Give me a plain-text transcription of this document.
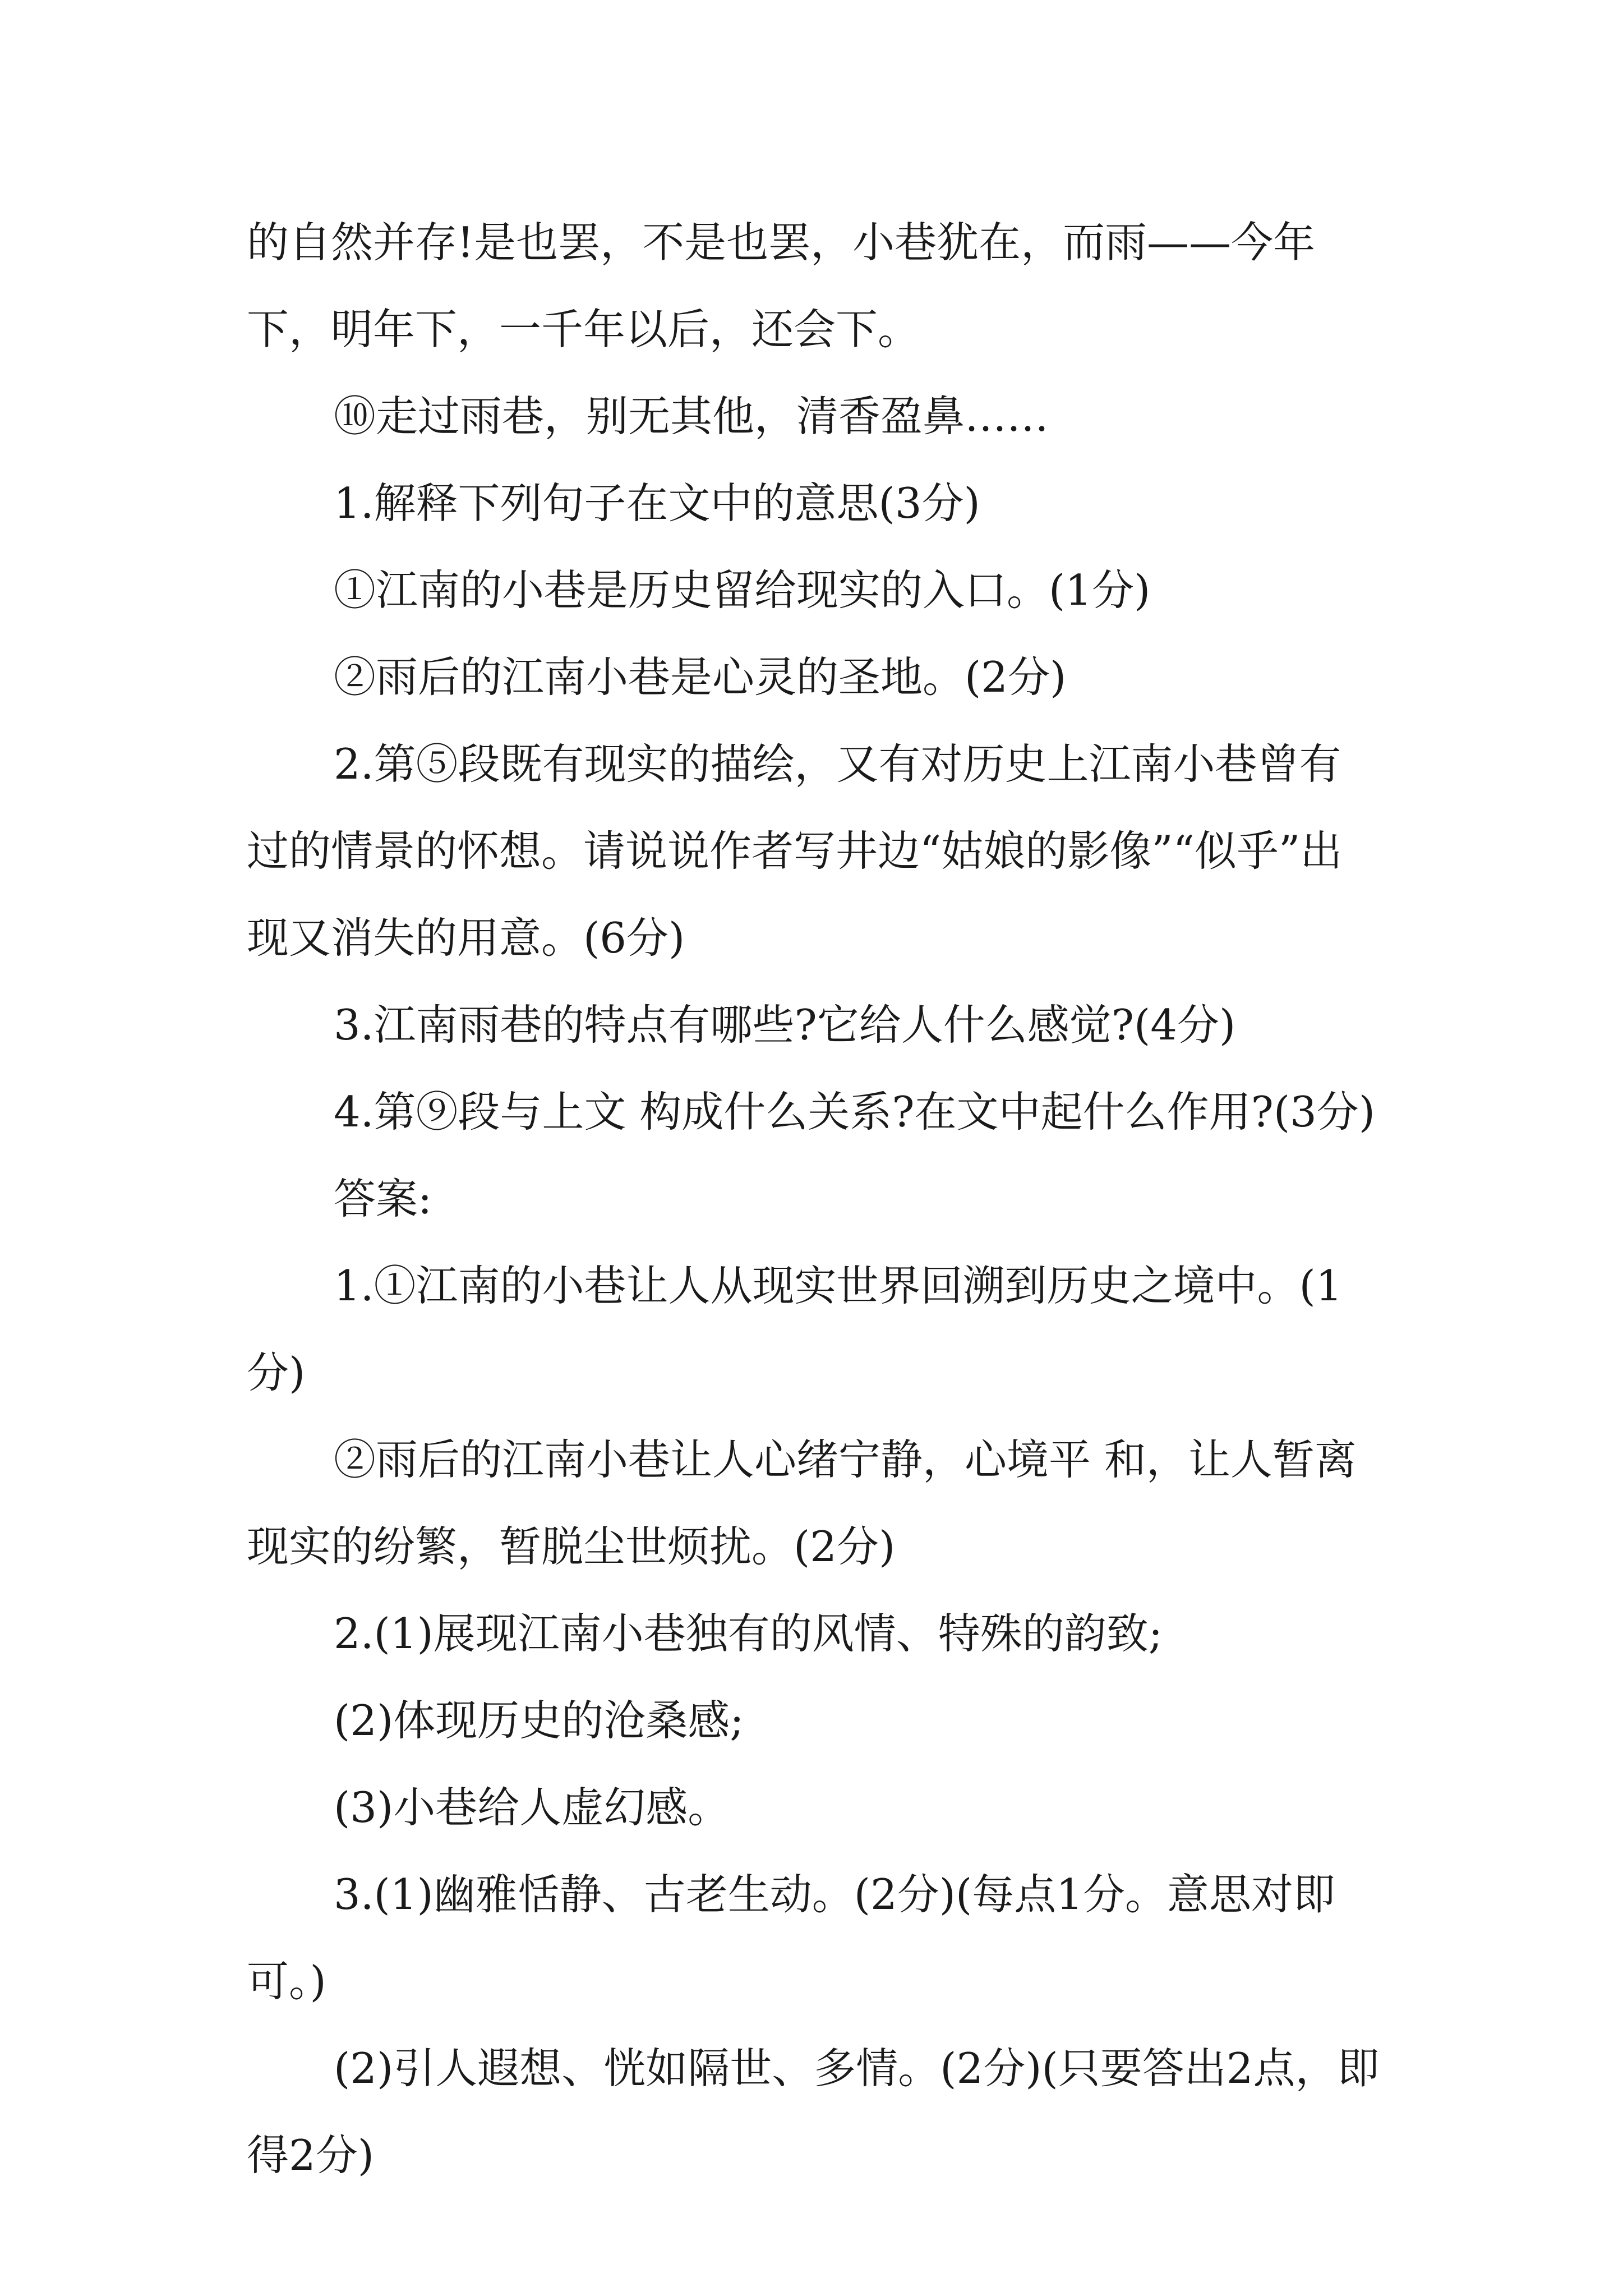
的自然并存!是也罢，不是也罢，小巷犹在，而雨——今年下，明年下，一千年以后，还会下。

⑩走过雨巷，别无其他，清香盈鼻……

1.解释下列句子在文中的意思(3分)

①江南的小巷是历史留给现实的入口。(1分)

②雨后的江南小巷是心灵的圣地。(2分)

2.第⑤段既有现实的描绘，又有对历史上江南小巷曾有过的情景的怀想。请说说作者写井边“姑娘的影像”“似乎”出现又消失的用意。(6分)

3.江南雨巷的特点有哪些?它给人什么感觉?(4分)

4.第⑨段与上文 构成什么关系?在文中起什么作用?(3分)

答案:

1.①江南的小巷让人从现实世界回溯到历史之境中。(1分)

②雨后的江南小巷让人心绪宁静，心境平 和，让人暂离现实的纷繁，暂脱尘世烦扰。(2分)

2.(1)展现江南小巷独有的风情、特殊的韵致;

(2)体现历史的沧桑感;

(3)小巷给人虚幻感。

3.(1)幽雅恬静、古老生动。(2分)(每点1分。意思对即可。)

(2)引人遐想、恍如隔世、多情。(2分)(只要答出2点，即得2分)
